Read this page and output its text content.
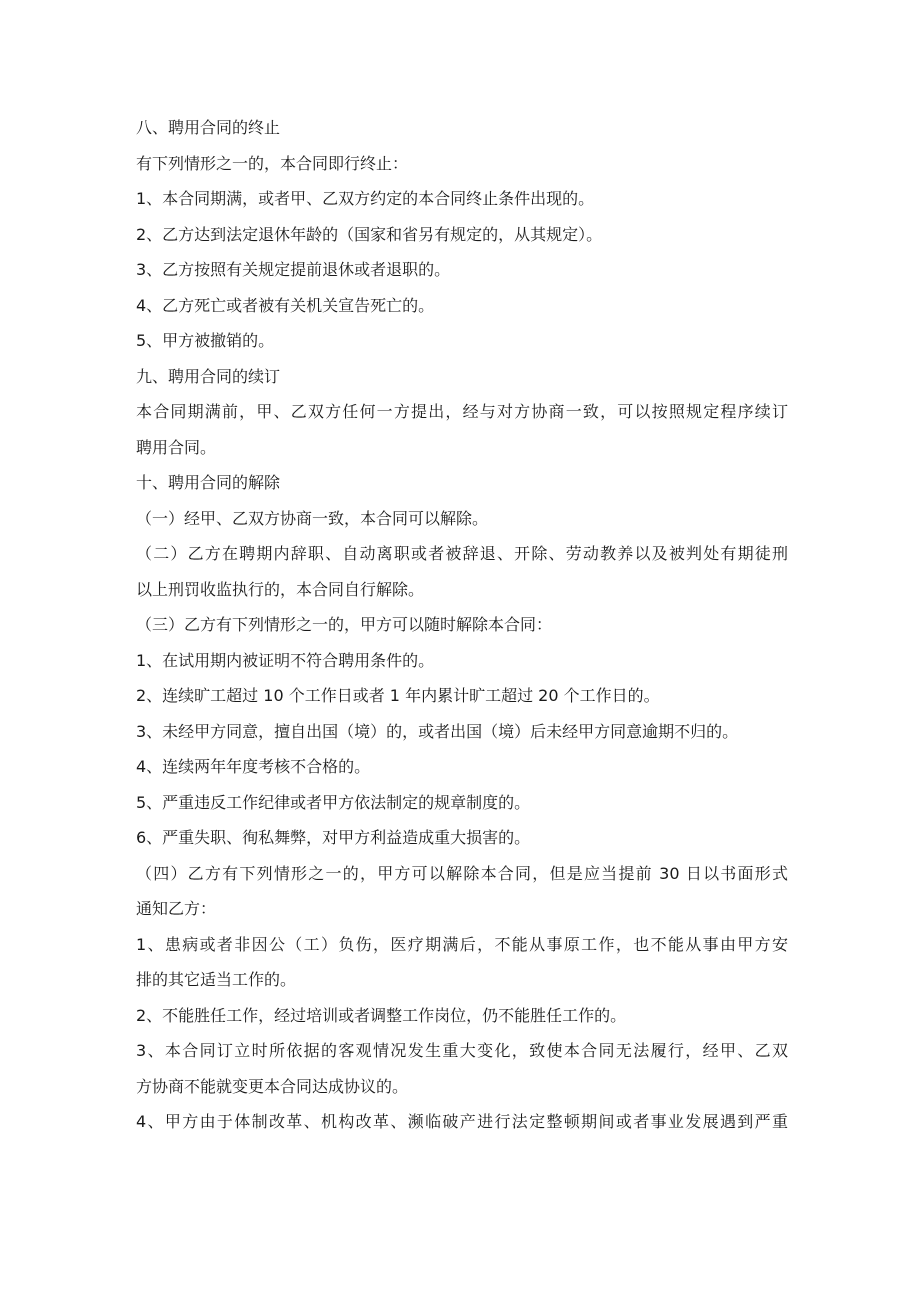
八、聘用合同的终止
有下列情形之一的，本合同即行终止：
1、本合同期满，或者甲、乙双方约定的本合同终止条件出现的。
2、乙方达到法定退休年龄的（国家和省另有规定的，从其规定）。
3、乙方按照有关规定提前退休或者退职的。
4、乙方死亡或者被有关机关宣告死亡的。
5、甲方被撤销的。
九、聘用合同的续订
本合同期满前，甲、乙双方任何一方提出，经与对方协商一致，可以按照规定程序续订
聘用合同。
十、聘用合同的解除
（一）经甲、乙双方协商一致，本合同可以解除。
（二）乙方在聘期内辞职、自动离职或者被辞退、开除、劳动教养以及被判处有期徒刑
以上刑罚收监执行的，本合同自行解除。
（三）乙方有下列情形之一的，甲方可以随时解除本合同：
1、在试用期内被证明不符合聘用条件的。
2、连续旷工超过 10 个工作日或者 1 年内累计旷工超过 20 个工作日的。
3、未经甲方同意，擅自出国（境）的，或者出国（境）后未经甲方同意逾期不归的。
4、连续两年年度考核不合格的。
5、严重违反工作纪律或者甲方依法制定的规章制度的。
6、严重失职、徇私舞弊，对甲方利益造成重大损害的。
（四）乙方有下列情形之一的，甲方可以解除本合同，但是应当提前 30 日以书面形式
通知乙方：
1、患病或者非因公（工）负伤，医疗期满后，不能从事原工作，也不能从事由甲方安
排的其它适当工作的。
2、不能胜任工作，经过培训或者调整工作岗位，仍不能胜任工作的。
3、本合同订立时所依据的客观情况发生重大变化，致使本合同无法履行，经甲、乙双
方协商不能就变更本合同达成协议的。
4、甲方由于体制改革、机构改革、濒临破产进行法定整顿期间或者事业发展遇到严重
